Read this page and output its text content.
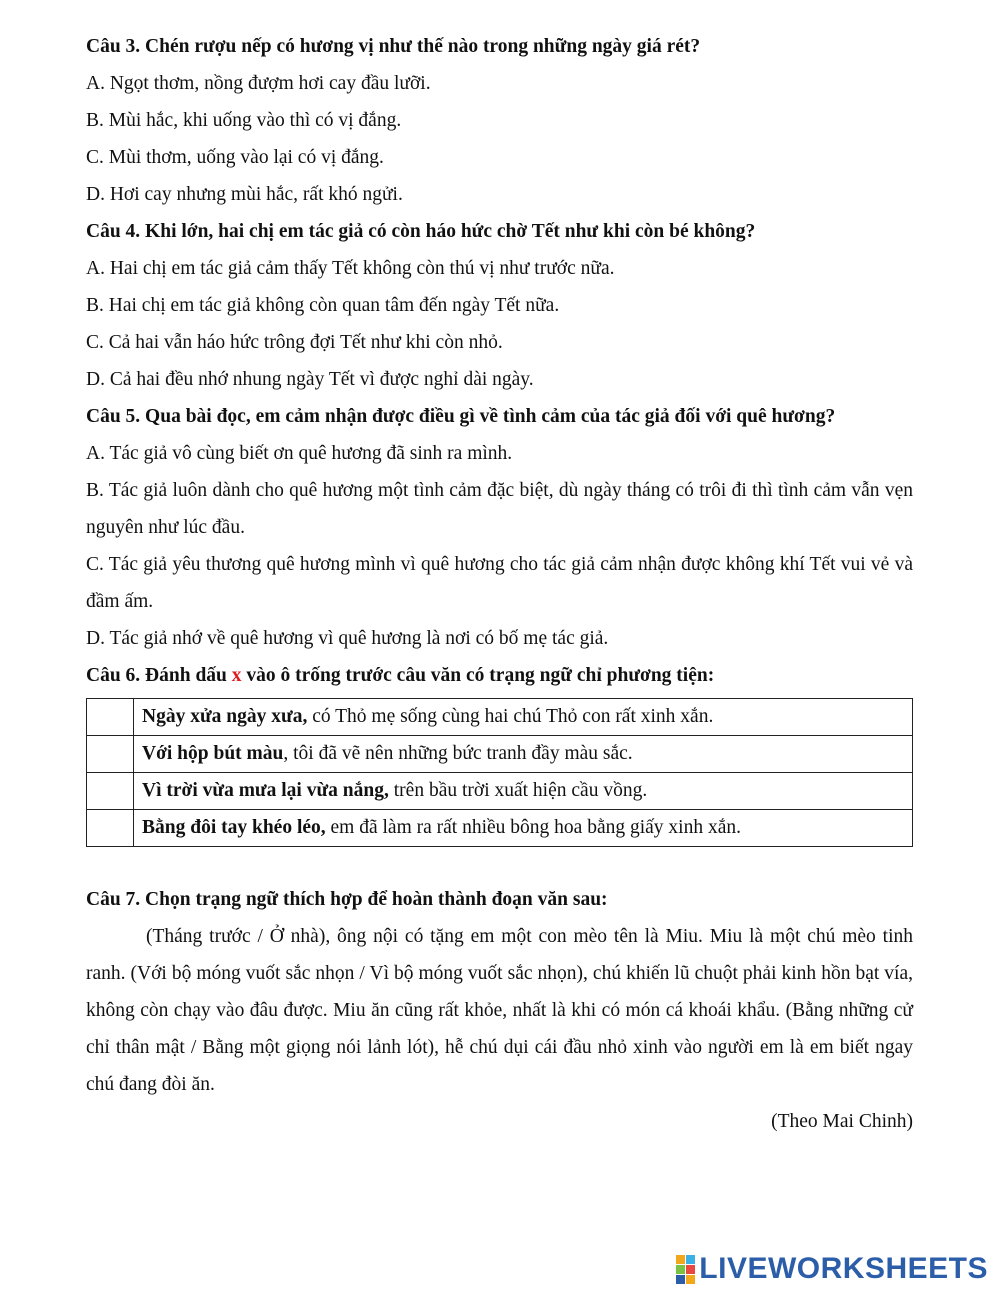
Câu 3. Chén rượu nếp có hương vị như thế nào trong những ngày giá rét?
A. Ngọt thơm, nồng đượm hơi cay đầu lưỡi.
B. Mùi hắc, khi uống vào thì có vị đắng.
C. Mùi thơm, uống vào lại có vị đắng.
D. Hơi cay nhưng mùi hắc, rất khó ngửi.
Câu 4. Khi lớn, hai chị em tác giả có còn háo hức chờ Tết như khi còn bé không?
A. Hai chị em tác giả cảm thấy Tết không còn thú vị như trước nữa.
B. Hai chị em tác giả không còn quan tâm đến ngày Tết nữa.
C. Cả hai vẫn háo hức trông đợi Tết như khi còn nhỏ.
D. Cả hai đều nhớ nhung ngày Tết vì được nghỉ dài ngày.
Câu 5. Qua bài đọc, em cảm nhận được điều gì về tình cảm của tác giả đối với quê hương?
A. Tác giả vô cùng biết ơn quê hương đã sinh ra mình.
B. Tác giả luôn dành cho quê hương một tình cảm đặc biệt, dù ngày tháng có trôi đi thì tình cảm vẫn vẹn nguyên như lúc đầu.
C. Tác giả yêu thương quê hương mình vì quê hương cho tác giả cảm nhận được không khí Tết vui vẻ và đầm ấm.
D. Tác giả nhớ về quê hương vì quê hương là nơi có bố mẹ tác giả.
Câu 6. Đánh dấu x vào ô trống trước câu văn có trạng ngữ chỉ phương tiện:
	Ngày xửa ngày xưa, có Thỏ mẹ sống cùng hai chú Thỏ con rất xinh xắn.
	Với hộp bút màu, tôi đã vẽ nên những bức tranh đầy màu sắc.
	Vì trời vừa mưa lại vừa nắng, trên bầu trời xuất hiện cầu vồng.
	Bằng đôi tay khéo léo, em đã làm ra rất nhiều bông hoa bằng giấy xinh xắn.
Câu 7. Chọn trạng ngữ thích hợp để hoàn thành đoạn văn sau:
(Tháng trước / Ở nhà), ông nội có tặng em một con mèo tên là Miu. Miu là một chú mèo tinh ranh. (Với bộ móng vuốt sắc nhọn / Vì bộ móng vuốt sắc nhọn), chú khiến lũ chuột phải kinh hồn bạt vía, không còn chạy vào đâu được. Miu ăn cũng rất khỏe, nhất là khi có món cá khoái khẩu. (Bằng những cử chỉ thân mật / Bằng một giọng nói lảnh lót), hễ chú dụi cái đầu nhỏ xinh vào người em là em biết ngay chú đang đòi ăn.
(Theo Mai Chinh)
LIVEWORKSHEETS
